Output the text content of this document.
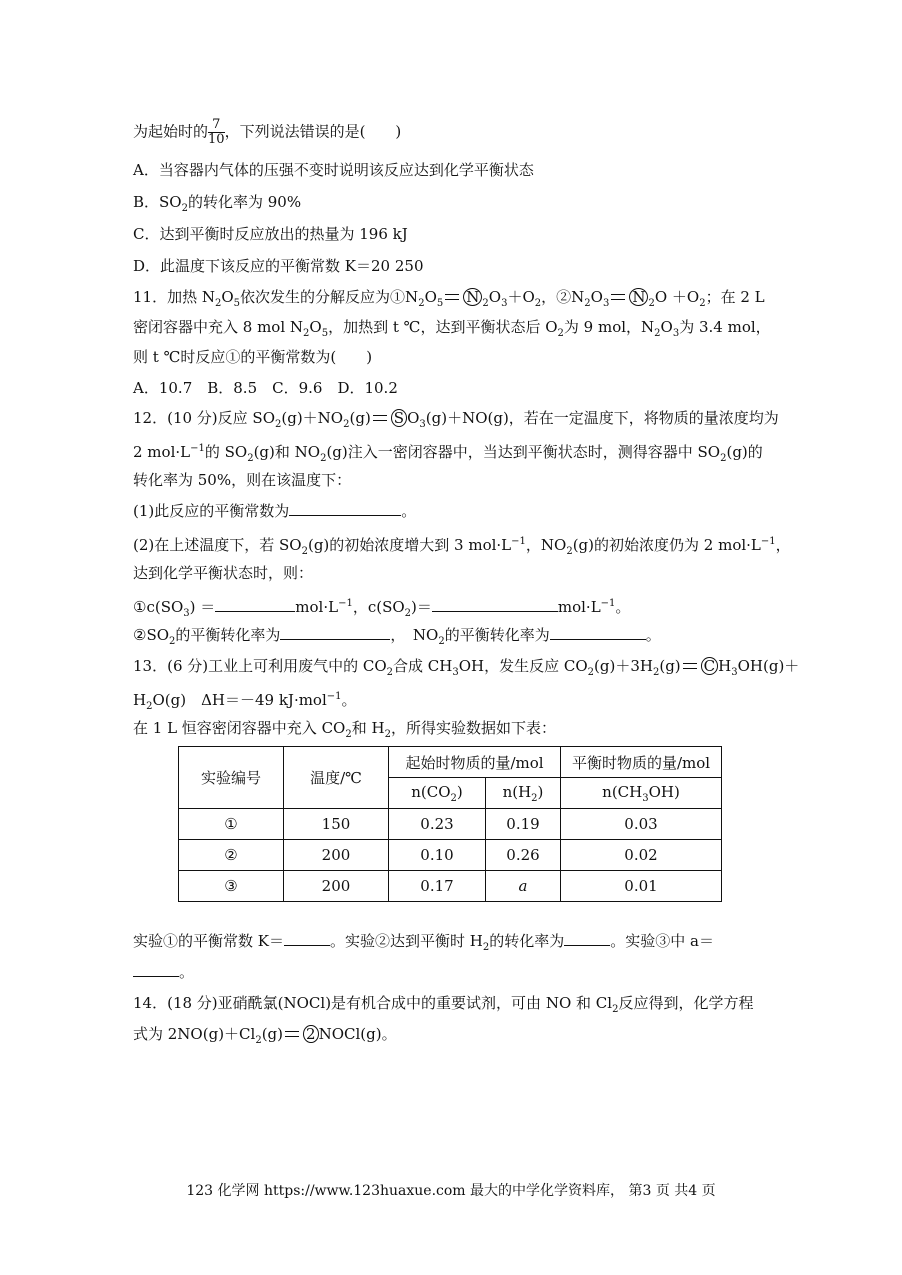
为起始时的 $\frac{7}{10}$ ，下列说法错误的是(　　)
A．当容器内气体的压强不变时说明该反应达到化学平衡状态
B．$SO_2$的转化率为 90%
C．达到平衡时反应放出的热量为 196 kJ
D．此温度下该反应的平衡常数 K＝20 250
11．加热 $N_2O_5$依次发生的分解反应为$①N_2O_5$ N $_2O_3+O_2$，$②N_2O_3$ N $_2O +O_2$；在 2 L
密闭容器中充入 8 mol $N_2O_5$，加热到 t ℃，达到平衡状态后 $O_2$为 9 mol，$N_2O_3$为 3.4 mol，
则 t ℃时反应①的平衡常数为(　　)
A．10.7　B．8.5　C．9.6　D．10.2
12．(10 分)反应 $SO_2(g)+NO_2(g)$ S $O_3(g)+NO(g)$，若在一定温度下，将物质的量浓度均为
2 $mol\cdot L^{-1}$的 $SO_2(g)$和 $NO_2(g)$注入一密闭容器中，当达到平衡状态时，测得容器中 $SO_2(g)$的
转化率为 50%，则在该温度下：
(1)此反应的平衡常数为	。
(2)在上述温度下，若 $SO_2(g)$的初始浓度增大到 3 $mol\cdot L^{-1}$，$NO_2(g)$的初始浓度仍为 2 $mol\cdot L^{-1}$，
达到化学平衡状态时，则：
$①c(SO_3)$ ＝	$mol\cdot L^{-1}$，$c(SO_2)=$	$mol\cdot L^{-1}$。
$②SO_2$的平衡转化率为	，　$NO_2$的平衡转化率为	。
13．(6 分)工业上可利用废气中的 $CO_2$合成 $CH_3OH$，发生反应 $CO_2(g)+3H_2(g)$ C $H_3OH(g)+$
$H_2O(g)$　ΔH＝－49 kJ·mol$^{-1}$。
在 1 L 恒容密闭容器中充入 $CO_2$和 $H_2$，所得实验数据如下表：
实验编号	温度/℃	起始时物质的量/mol		平衡时物质的量/mol
		$n(CO_2)$	$n(H_2)$	$n(CH_3OH)$
①	150	0.23	0.19	0.03
②	200	0.10	0.26	0.02
③	200	0.17	a	0.01
实验①的平衡常数 K＝	。实验②达到平衡时 $H_2$的转化率为	。实验③中 a＝
。
14．(18 分)亚硝酰氯(NOCl)是有机合成中的重要试剂，可由 NO 和 $Cl_2$反应得到，化学方程
式为 $2NO(g)+Cl_2(g)$ 2 NOCl(g)。
123 化学网 https://www.123huaxue.com 最大的中学化学资料库， 第3 页 共4 页
